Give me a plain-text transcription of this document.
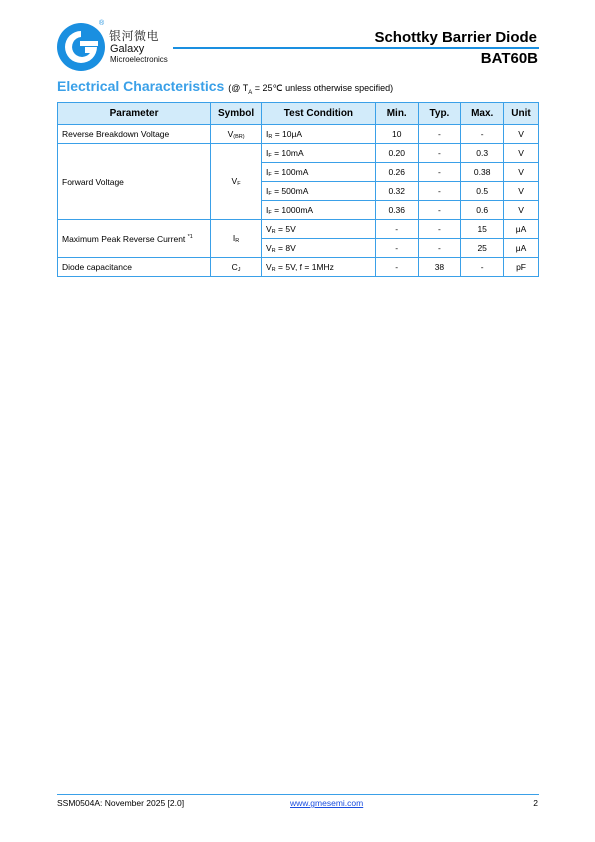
®
银河微电
Galaxy
Microelectronics
Schottky Barrier Diode
BAT60B
Electrical Characteristics (@ $T_A$ = 25℃ unless otherwise specified)
Parameter	Symbol	Test Condition	Min.	Typ.	Max.	Unit
Reverse Breakdown Voltage	$V_{(BR)}$	$I_R = 10\mu A$	10	-	-	V
Forward Voltage	$V_F$	$I_F = 10mA$	0.20	-	0.3	V
		$I_F = 100mA$	0.26	-	0.38	V
		$I_F = 500mA$	0.32	-	0.5	V
		$I_F = 1000mA$	0.36	-	0.6	V
Maximum Peak Reverse Current $^{*1}$	$I_R$	$V_R = 5V$	-	-	15	μA
		$V_R = 8V$	-	-	25	μA
Diode capacitance	$C_J$	$V_R = 5V$, f = 1MHz	-	38	-	pF
SSM0504A: November 2025 [2.0]	www.gmesemi.com	2
